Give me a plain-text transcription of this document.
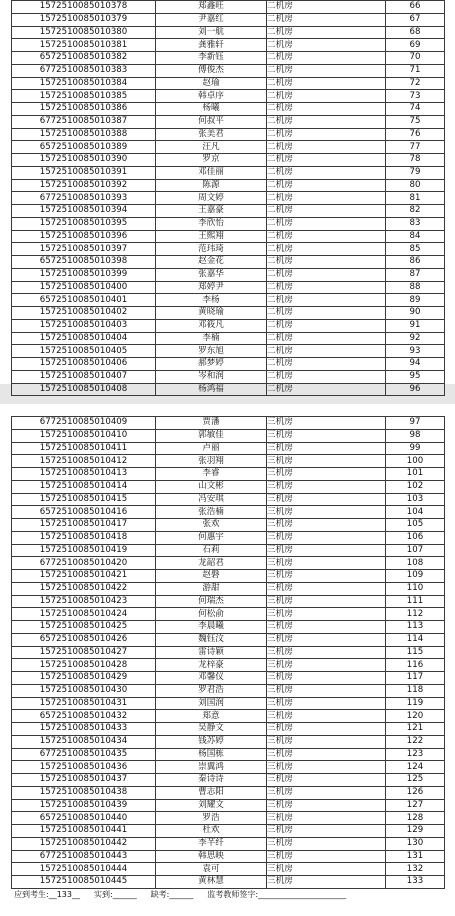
157251008501037​8	郑鑫旺	二机房	66
1572510085010379	尹嘉红	二机房	67
1572510085010380	刘一航	二机房	68
1572510085010381	龚雅轩	二机房	69
6572510085010382	李新钰	二机房	70
6772510085010383	傅俊杰	二机房	71
1572510085010384	赵瑜	二机房	72
1572510085010385	韩卓序	二机房	73
1572510085010386	杨曦	二机房	74
6772510085010387	何叔平	二机房	75
1572510085010388	张美君	二机房	76
6572510085010389	汪凡	二机房	77
1572510085010390	罗京	二机房	78
1572510085010391	邓佳丽	二机房	79
1572510085010392	陈源	二机房	80
6772510085010393	周文婷	二机房	81
1572510085010394	王嘉豪	二机房	82
1572510085010395	李欣怡	二机房	83
1572510085010396	王熙翔	二机房	84
1572510085010397	范玮琦	二机房	85
6572510085010398	赵金花	二机房	86
1572510085010399	张嘉华	二机房	87
1572510085010400	郑婷尹	二机房	88
6572510085010401	李杨	二机房	89
1572510085010402	黄晓瑜	二机房	90
1572510085010403	邓筱凡	二机房	91
1572510085010404	李楠	二机房	92
1572510085010405	罗东旭	二机房	93
1572510085010406	郝梦婷	二机房	94
1572510085010407	岑和润	二机房	95
1572510085010408	杨鸿福	二机房	96
6772510085010409	贾潘	三机房	97
1572510085010410	郭敏佳	三机房	98
1572510085010411	卢丽	三机房	99
1572510085010412	张羽翔	三机房	100
1572510085010413	李睿	三机房	101
1572510085010414	山文彬	三机房	102
1572510085010415	冯安琪	三机房	103
6572510085010416	张浩楠	三机房	104
1572510085010417	张欢	三机房	105
1572510085010418	何惠宇	三机房	106
1572510085010419	石莉	三机房	107
6772510085010420	龙韶君	三机房	108
1572510085010421	赵磐	三机房	109
1572510085010422	游甜	三机房	110
1572510085010423	何瑞杰	三机房	111
1572510085010424	何松俞	三机房	112
1572510085010425	李晨曦	三机房	113
6572510085010426	魏钰汶	三机房	114
1572510085010427	雷诗颖	三机房	115
1572510085010428	龙梓豪	三机房	116
1572510085010429	邓馨仪	三机房	117
1572510085010430	罗君浩	三机房	118
1572510085010431	刘国润	三机房	119
6572510085010432	郑意	三机房	120
1572510085010433	吴静文	三机房	121
1572510085010434	钱苏婷	三机房	122
6772510085010435	杨国栋	三机房	123
1572510085010436	崇翼鸿	三机房	124
1572510085010437	秦诗诗	三机房	125
1572510085010438	曹志阳	三机房	126
1572510085010439	刘耀文	三机房	127
6572510085010440	罗浩	三机房	128
1572510085010441	杜欢	三机房	129
1572510085010442	李芊纤	三机房	130
6772510085010443	韩思映	三机房	131
1572510085010444	袁可	三机房	132
1572510085010445	黄林慧	三机房	133
应到考生:__133__ 实到:______ 缺考:______ 监考教师签字:______________________
